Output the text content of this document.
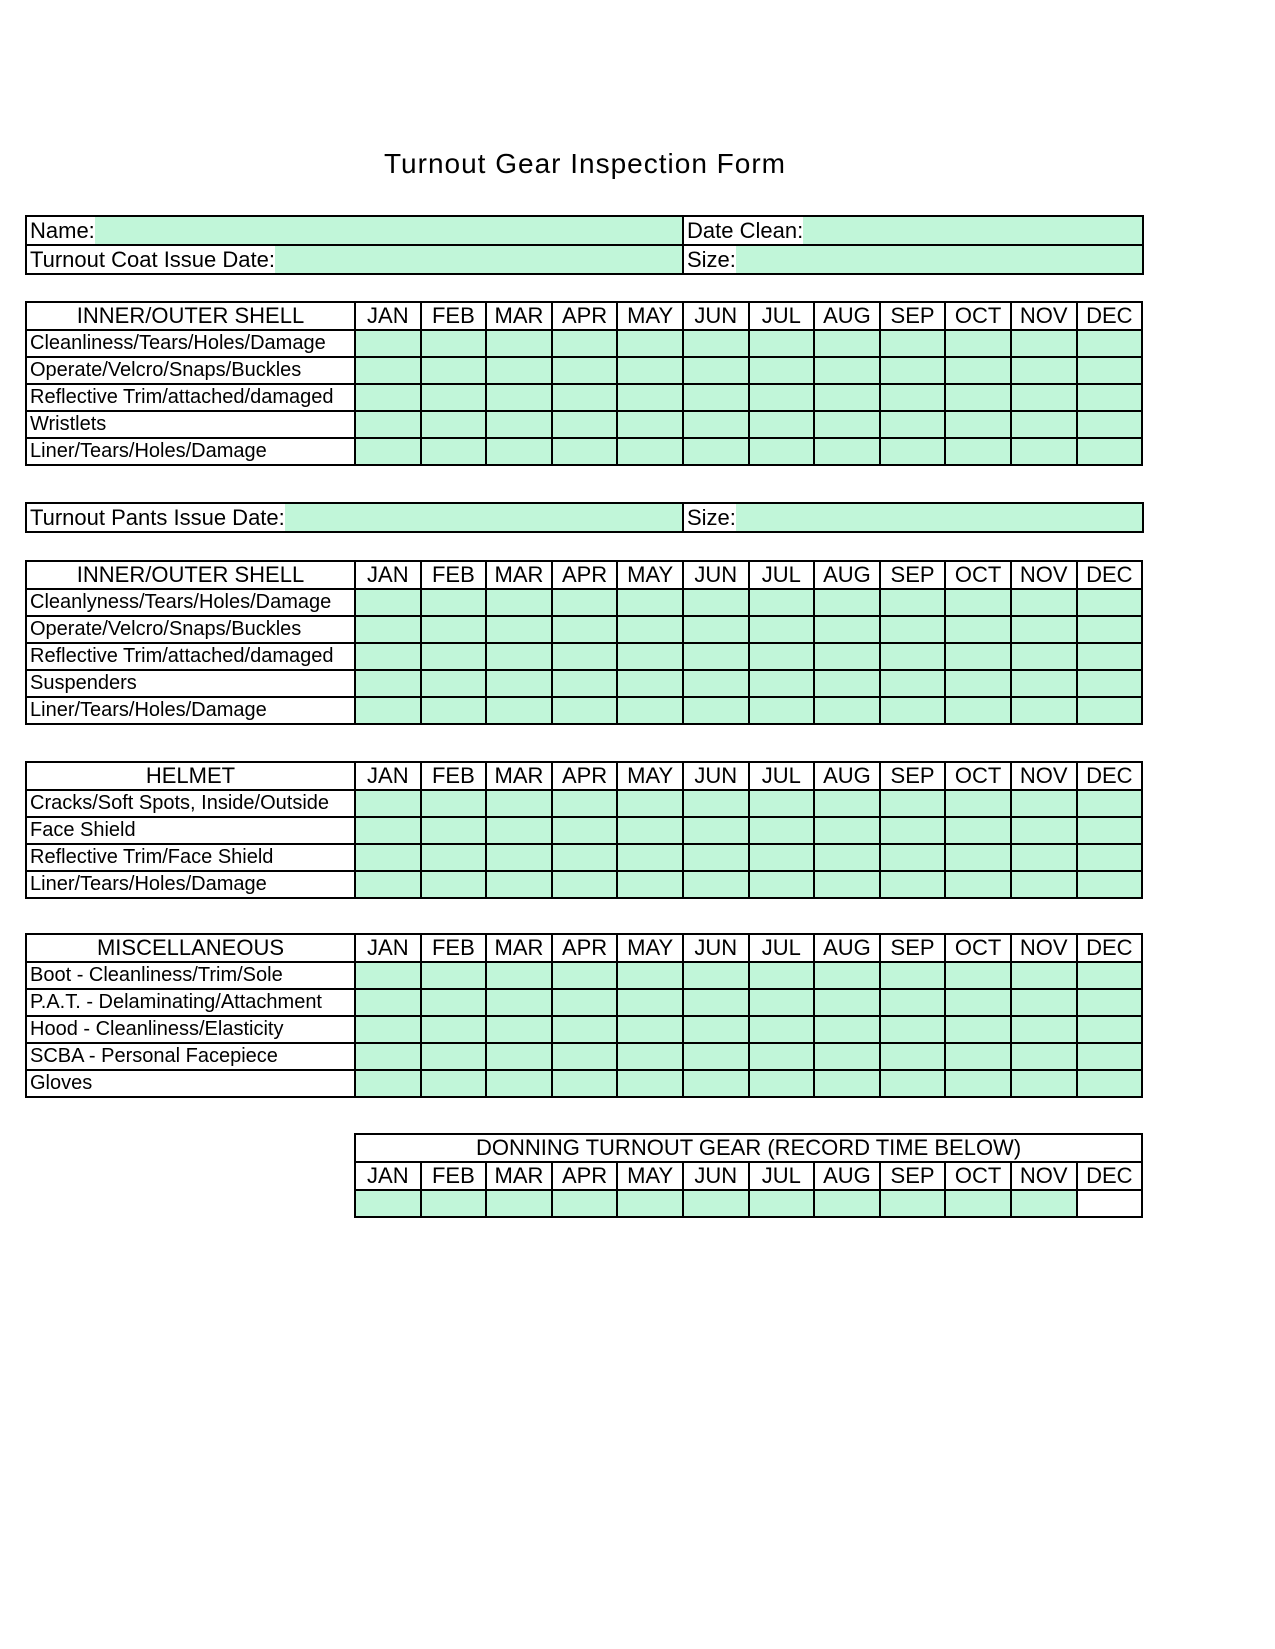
Turnout Gear Inspection Form
Name:	Date Clean:

Turnout Coat Issue Date:	Size:
INNER/OUTER SHELL	JAN	FEB	MAR	APR	MAY	JUN	JUL	AUG	SEP	OCT	NOV	DEC
Cleanliness/Tears/Holes/Damage												
Operate/Velcro/Snaps/Buckles												
Reflective Trim/attached/damaged												
Wristlets												
Liner/Tears/Holes/Damage												
Turnout Pants Issue Date:	Size:
INNER/OUTER SHELL	JAN	FEB	MAR	APR	MAY	JUN	JUL	AUG	SEP	OCT	NOV	DEC
Cleanlyness/Tears/Holes/Damage												
Operate/Velcro/Snaps/Buckles												
Reflective Trim/attached/damaged												
Suspenders												
Liner/Tears/Holes/Damage												
HELMET	JAN	FEB	MAR	APR	MAY	JUN	JUL	AUG	SEP	OCT	NOV	DEC
Cracks/Soft Spots, Inside/Outside												
Face Shield												
Reflective Trim/Face Shield												
Liner/Tears/Holes/Damage												
MISCELLANEOUS	JAN	FEB	MAR	APR	MAY	JUN	JUL	AUG	SEP	OCT	NOV	DEC
Boot - Cleanliness/Trim/Sole												
P.A.T. - Delaminating/Attachment												
Hood - Cleanliness/Elasticity												
SCBA - Personal Facepiece												
Gloves												
DONNING TURNOUT GEAR (RECORD TIME BELOW)											
JAN	FEB	MAR	APR	MAY	JUN	JUL	AUG	SEP	OCT	NOV	DEC
